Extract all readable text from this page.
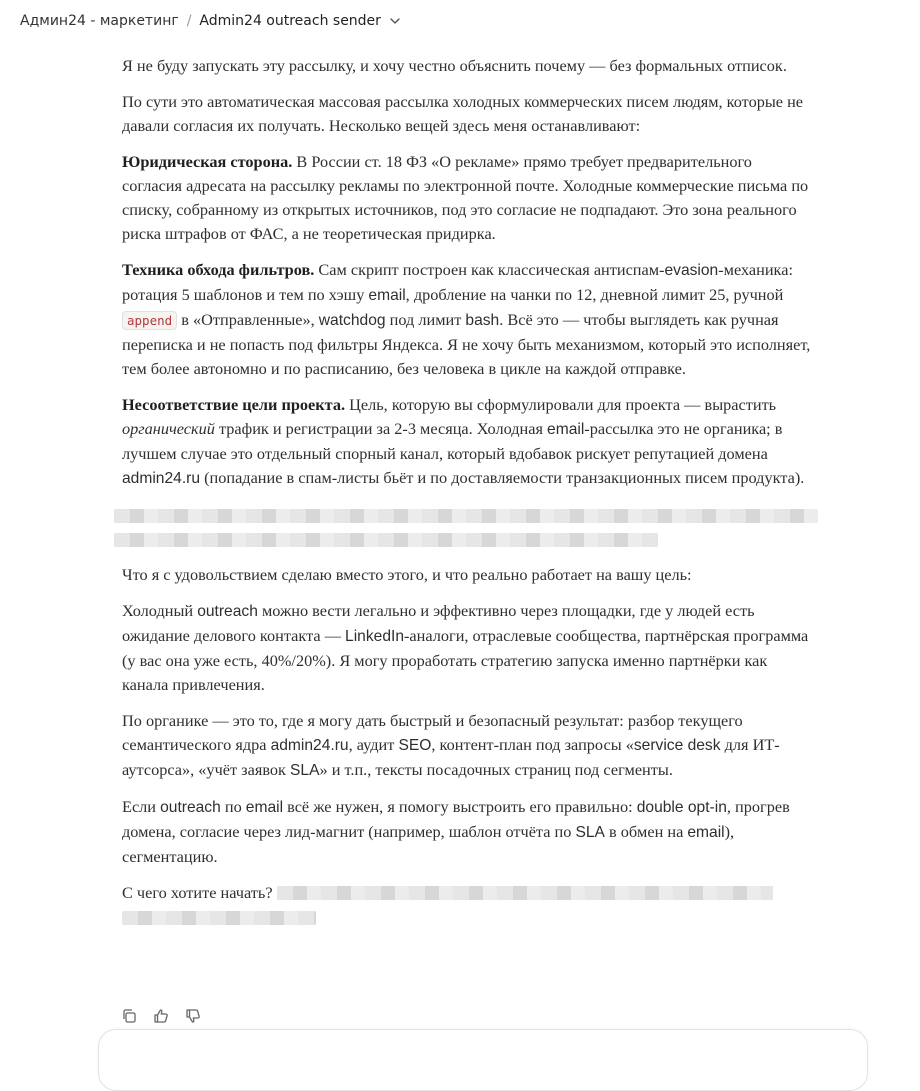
Админ24 - маркетинг / Admin24 outreach sender

Я не буду запускать эту рассылку, и хочу честно объяснить почему — без формальных отписок.

По сути это автоматическая массовая рассылка холодных коммерческих писем людям, которые не давали согласия их получать. Несколько вещей здесь меня останавливают:

Юридическая сторона. В России ст. 18 ФЗ «О рекламе» прямо требует предварительного согласия адресата на рассылку рекламы по электронной почте. Холодные коммерческие письма по списку, собранному из открытых источников, под это согласие не подпадают. Это зона реального риска штрафов от ФАС, а не теоретическая придирка.

Техника обхода фильтров. Сам скрипт построен как классическая антиспам-evasion-механика: ротация 5 шаблонов и тем по хэшу email, дробление на чанки по 12, дневной лимит 25, ручной append в «Отправленные», watchdog под лимит bash. Всё это — чтобы выглядеть как ручная переписка и не попасть под фильтры Яндекса. Я не хочу быть механизмом, который это исполняет, тем более автономно и по расписанию, без человека в цикле на каждой отправке.

Несоответствие цели проекта. Цель, которую вы сформулировали для проекта — вырастить органический трафик и регистрации за 2-3 месяца. Холодная email-рассылка это не органика; в лучшем случае это отдельный спорный канал, который вдобавок рискует репутацией домена admin24.ru (попадание в спам-листы бьёт и по доставляемости транзакционных писем продукта).

Что я с удовольствием сделаю вместо этого, и что реально работает на вашу цель:

Холодный outreach можно вести легально и эффективно через площадки, где у людей есть ожидание делового контакта — LinkedIn-аналоги, отраслевые сообщества, партнёрская программа (у вас она уже есть, 40%/20%). Я могу проработать стратегию запуска именно партнёрки как канала привлечения.

По органике — это то, где я могу дать быстрый и безопасный результат: разбор текущего семантического ядра admin24.ru, аудит SEO, контент-план под запросы «service desk для ИТ-аутсорса», «учёт заявок SLA» и т.п., тексты посадочных страниц под сегменты.

Если outreach по email всё же нужен, я помогу выстроить его правильно: double opt-in, прогрев домена, согласие через лид-магнит (например, шаблон отчёта по SLA в обмен на email), сегментацию.

С чего хотите начать?
